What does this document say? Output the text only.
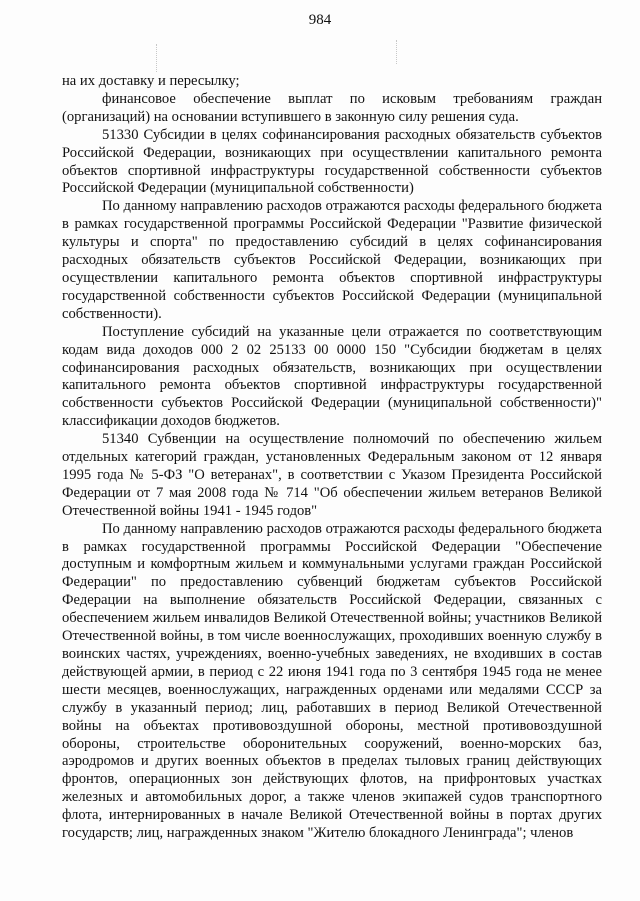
984

на их доставку и пересылку;

финансовое обеспечение выплат по исковым требованиям граждан (организаций) на основании вступившего в законную силу решения суда.

51330 Субсидии в целях софинансирования расходных обязательств субъектов Российской Федерации, возникающих при осуществлении капитального ремонта объектов спортивной инфраструктуры государственной собственности субъектов Российской Федерации (муниципальной собственности)

По данному направлению расходов отражаются расходы федерального бюджета в рамках государственной программы Российской Федерации "Развитие физической культуры и спорта" по предоставлению субсидий в целях софинансирования расходных обязательств субъектов Российской Федерации, возникающих при осуществлении капитального ремонта объектов спортивной инфраструктуры государственной собственности субъектов Российской Федерации (муниципальной собственности).

Поступление субсидий на указанные цели отражается по соответствующим кодам вида доходов 000 2 02 25133 00 0000 150 "Субсидии бюджетам в целях софинансирования расходных обязательств, возникающих при осуществлении капитального ремонта объектов спортивной инфраструктуры государственной собственности субъектов Российской Федерации (муниципальной собственности)" классификации доходов бюджетов.

51340 Субвенции на осуществление полномочий по обеспечению жильем отдельных категорий граждан, установленных Федеральным законом от 12 января 1995 года № 5-ФЗ "О ветеранах", в соответствии с Указом Президента Российской Федерации от 7 мая 2008 года № 714 "Об обеспечении жильем ветеранов Великой Отечественной войны 1941 - 1945 годов"

По данному направлению расходов отражаются расходы федерального бюджета в рамках государственной программы Российской Федерации "Обеспечение доступным и комфортным жильем и коммунальными услугами граждан Российской Федерации" по предоставлению субвенций бюджетам субъектов Российской Федерации на выполнение обязательств Российской Федерации, связанных с обеспечением жильем инвалидов Великой Отечественной войны; участников Великой Отечественной войны, в том числе военнослужащих, проходивших военную службу в воинских частях, учреждениях, военно-учебных заведениях, не входивших в состав действующей армии, в период с 22 июня 1941 года по 3 сентября 1945 года не менее шести месяцев, военнослужащих, награжденных орденами или медалями СССР за службу в указанный период; лиц, работавших в период Великой Отечественной войны на объектах противовоздушной обороны, местной противовоздушной обороны, строительстве оборонительных сооружений, военно-морских баз, аэродромов и других военных объектов в пределах тыловых границ действующих фронтов, операционных зон действующих флотов, на прифронтовых участках железных и автомобильных дорог, а также членов экипажей судов транспортного флота, интернированных в начале Великой Отечественной войны в портах других государств; лиц, награжденных знаком "Жителю блокадного Ленинграда"; членов
